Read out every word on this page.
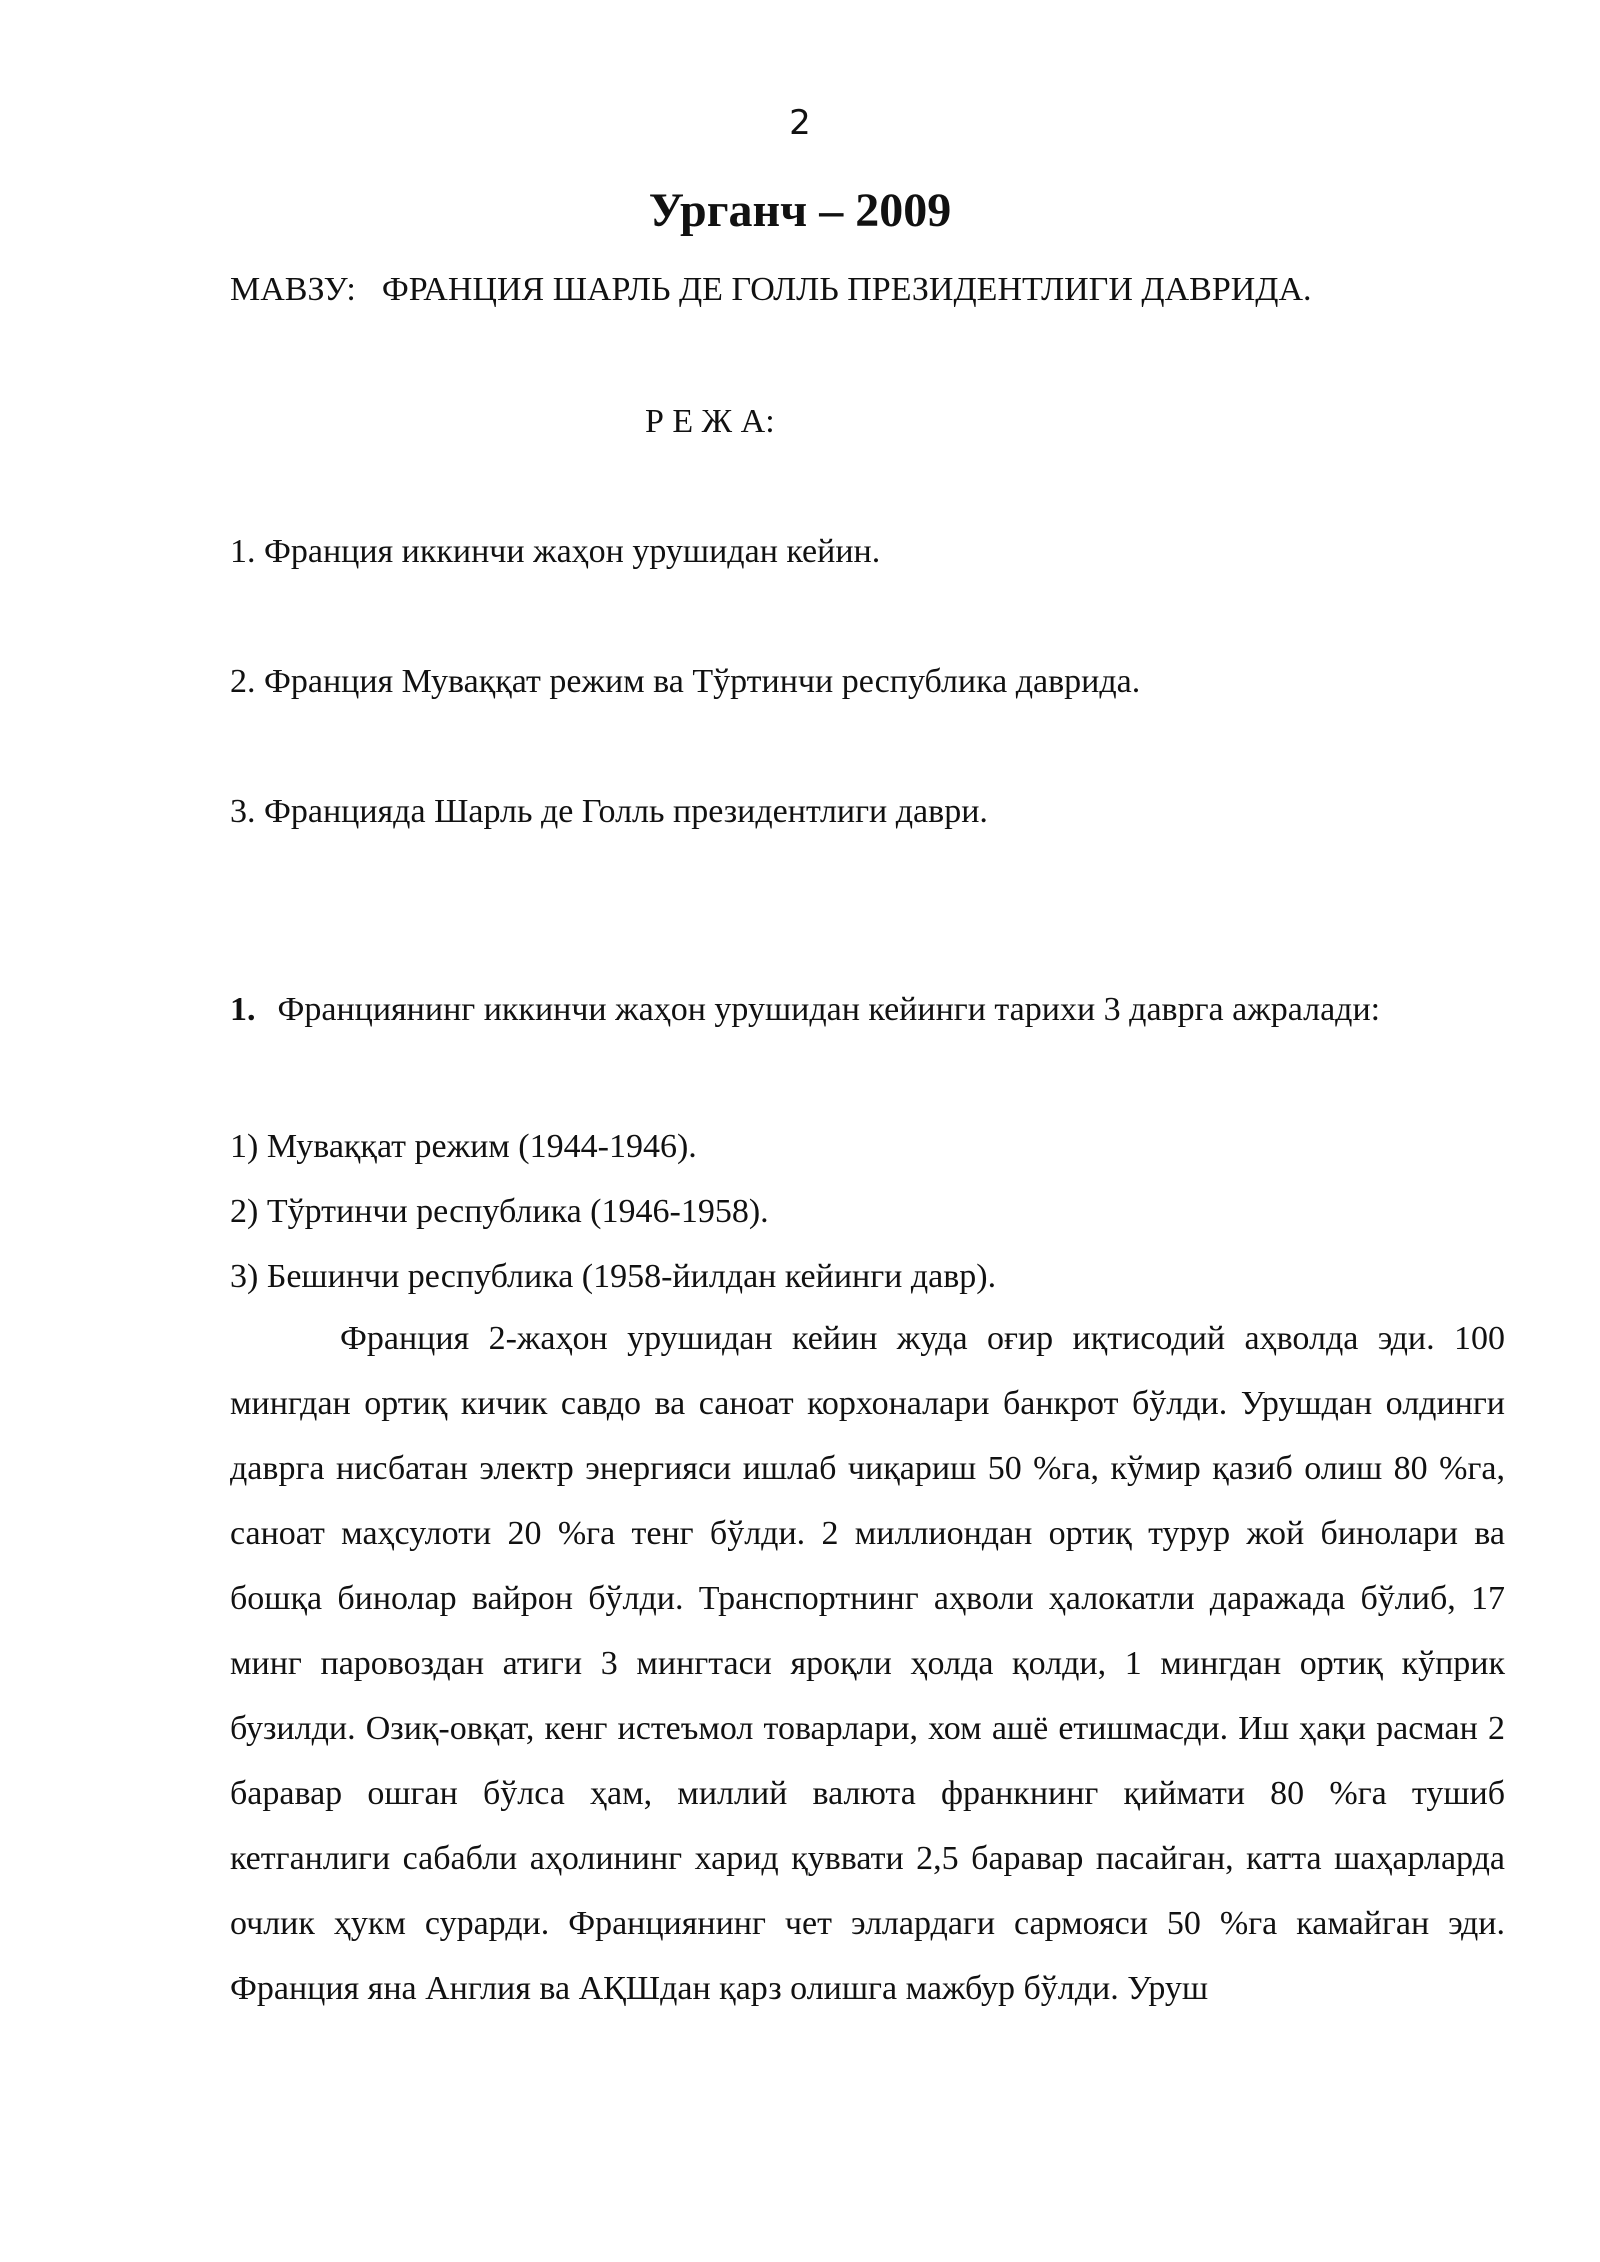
2
Урганч – 2009
МАВЗУ: ФРАНЦИЯ ШАРЛЬ ДЕ ГОЛЛЬ ПРЕЗИДЕНТЛИГИ ДАВРИДА.
Р Е Ж А:
1. Франция иккинчи жаҳон урушидан кейин.
2. Франция Муваққат режим ва Тўртинчи республика даврида.
3. Францияда Шарль де Голль президентлиги даври.
1. Франциянинг иккинчи жаҳон урушидан кейинги тарихи 3 даврга ажралади:
1) Муваққат режим (1944-1946).
2) Тўртинчи республика (1946-1958).
3) Бешинчи республика (1958-йилдан кейинги давр).
Франция 2-жаҳон урушидан кейин жуда оғир иқтисодий аҳволда эди. 100 мингдан ортиқ кичик савдо ва саноат корхоналари банкрот бўлди. Урушдан олдинги даврга нисбатан электр энергияси ишлаб чиқариш 50 %га, кўмир қазиб олиш 80 %га, саноат маҳсулоти 20 %га тенг бўлди. 2 миллиондан ортиқ турур жой бинолари ва бошқа бинолар вайрон бўлди. Транспортнинг аҳволи ҳалокатли даражада бўлиб, 17 минг паровоздан атиги 3 мингтаси яроқли ҳолда қолди, 1 мингдан ортиқ кўприк бузилди. Озиқ-овқат, кенг истеъмол товарлари, хом ашё етишмасди. Иш ҳақи расман 2 баравар ошган бўлса ҳам, миллий валюта франкнинг қиймати 80 %га тушиб кетганлиги сабабли аҳолининг харид қуввати 2,5 баравар пасайган, катта шаҳарларда очлик ҳукм сурарди. Франциянинг чет эллардаги сармояси 50 %га камайган эди. Франция яна Англия ва АҚШдан қарз олишга мажбур бўлди. Уруш
